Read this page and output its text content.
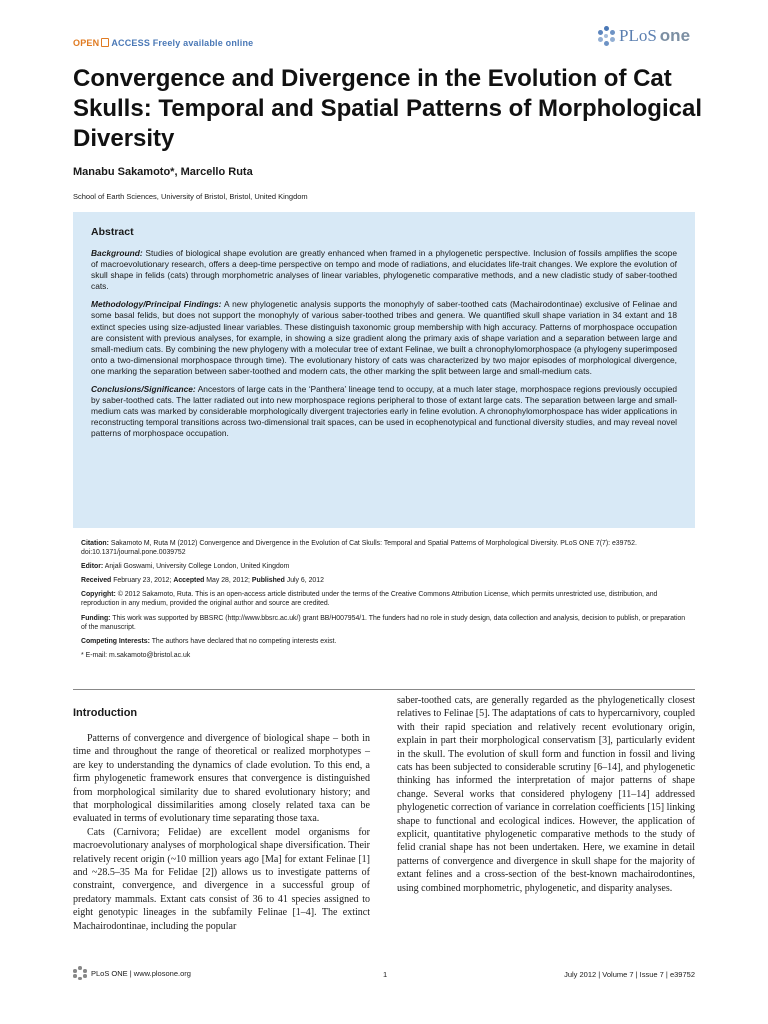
OPEN ACCESS Freely available online	PLoS one
Convergence and Divergence in the Evolution of Cat Skulls: Temporal and Spatial Patterns of Morphological Diversity
Manabu Sakamoto*, Marcello Ruta
School of Earth Sciences, University of Bristol, Bristol, United Kingdom
Abstract

Background: Studies of biological shape evolution are greatly enhanced when framed in a phylogenetic perspective. Inclusion of fossils amplifies the scope of macroevolutionary research, offers a deep-time perspective on tempo and mode of radiations, and elucidates life-trait changes. We explore the evolution of skull shape in felids (cats) through morphometric analyses of linear variables, phylogenetic comparative methods, and a new cladistic study of saber-toothed cats.

Methodology/Principal Findings: A new phylogenetic analysis supports the monophyly of saber-toothed cats (Machairodontinae) exclusive of Felinae and some basal felids, but does not support the monophyly of various saber-toothed tribes and genera. We quantified skull shape variation in 34 extant and 18 extinct species using size-adjusted linear variables. These distinguish taxonomic group membership with high accuracy. Patterns of morphospace occupation are consistent with previous analyses, for example, in showing a size gradient along the primary axis of shape variation and a separation between large and small-medium cats. By combining the new phylogeny with a molecular tree of extant Felinae, we built a chronophylomorphospace (a phylogeny superimposed onto a two-dimensional morphospace through time). The evolutionary history of cats was characterized by two major episodes of morphological divergence, one marking the separation between saber-toothed and modern cats, the other marking the split between large and small-medium cats.

Conclusions/Significance: Ancestors of large cats in the ‘Panthera’ lineage tend to occupy, at a much later stage, morphospace regions previously occupied by saber-toothed cats. The latter radiated out into new morphospace regions peripheral to those of extant large cats. The separation between large and small-medium cats was marked by considerable morphologically divergent trajectories early in feline evolution. A chronophylomorphospace has wider applications in reconstructing temporal transitions across two-dimensional trait spaces, can be used in ecophenotypical and functional diversity studies, and may reveal novel patterns of morphospace occupation.

Citation: Sakamoto M, Ruta M (2012) Convergence and Divergence in the Evolution of Cat Skulls: Temporal and Spatial Patterns of Morphological Diversity. PLoS ONE 7(7): e39752. doi:10.1371/journal.pone.0039752

Editor: Anjali Goswami, University College London, United Kingdom

Received February 23, 2012; Accepted May 28, 2012; Published July 6, 2012

Copyright: © 2012 Sakamoto, Ruta. This is an open-access article distributed under the terms of the Creative Commons Attribution License, which permits unrestricted use, distribution, and reproduction in any medium, provided the original author and source are credited.

Funding: This work was supported by BBSRC (http://www.bbsrc.ac.uk/) grant BB/H007954/1. The funders had no role in study design, data collection and analysis, decision to publish, or preparation of the manuscript.

Competing Interests: The authors have declared that no competing interests exist.

* E-mail: m.sakamoto@bristol.ac.uk

Introduction

Patterns of convergence and divergence of biological shape – both in time and throughout the range of theoretical or realized morphotypes – are key to understanding the dynamics of clade evolution. To this end, a firm phylogenetic framework ensures that convergence is distinguished from morphological similarity due to shared evolutionary history; and that morphological dissimilarities among closely related taxa can be evaluated in terms of evolutionary time separating those taxa.

Cats (Carnivora; Felidae) are excellent model organisms for macroevolutionary analyses of morphological shape diversification. Their relatively recent origin (~10 million years ago [Ma] for extant Felinae [1] and ~28.5–35 Ma for Felidae [2]) allows us to investigate patterns of constraint, convergence, and divergence in a successful group of predatory mammals. Extant cats consist of 36 to 41 species assigned to eight genotypic lineages in the subfamily Felinae [1–4]. The extinct Machairodontinae, including the popular

saber-toothed cats, are generally regarded as the phylogenetically closest relatives to Felinae [5]. The adaptations of cats to hypercarnivory, coupled with their rapid speciation and relatively recent evolutionary origin, explain in part their morphological conservatism [3], particularly evident in the skull. The evolution of skull form and function in fossil and living cats has been subjected to considerable scrutiny [6–14], and phylogenetic thinking has informed the interpretation of major patterns of shape change. Several works that considered phylogeny [11–14] addressed phylogenetic correction of variance in correlation coefficients [15] linking shape to functional and ecological indices. However, the application of explicit, quantitative phylogenetic comparative methods to the study of felid cranial shape has not been undertaken. Here, we examine in detail patterns of convergence and divergence in skull shape for the majority of extant felines and a cross-section of the best-known machairodontines, using combined morphometric, phylogenetic, and disparity analyses.

PLoS ONE | www.plosone.org	1	July 2012 | Volume 7 | Issue 7 | e39752
